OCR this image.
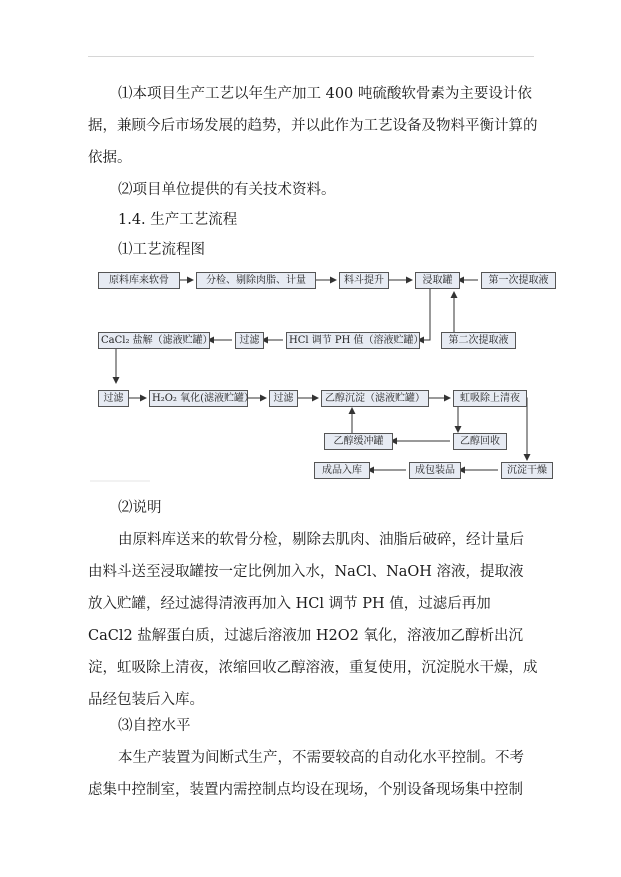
⑴本项目生产工艺以年生产加工 400 吨硫酸软骨素为主要设计依据，兼顾今后市场发展的趋势，并以此作为工艺设备及物料平衡计算的依据。

⑵项目单位提供的有关技术资料。

1.4. 生产工艺流程

⑴工艺流程图

原料库来软骨	分检、剔除肉脂、计量	料斗提升	浸取罐	第一次提取液
CaCl₂ 盐解（滤液贮罐）	过滤	HCl 调节 PH 值（溶液贮罐）	第二次提取液
过滤	H₂O₂ 氧化(滤液贮罐）	过滤	乙醇沉淀（滤液贮罐）	虹吸除上清夜
乙醇缓冲罐	乙醇回收
成品入库	成包装品	沉淀干燥

⑵说明

由原料库送来的软骨分检，剔除去肌肉、油脂后破碎，经计量后由料斗送至浸取罐按一定比例加入水，NaCl、NaOH 溶液，提取液放入贮罐，经过滤得清液再加入 HCl 调节 PH 值，过滤后再加 CaCl2 盐解蛋白质，过滤后溶液加 H2O2 氧化，溶液加乙醇析出沉淀，虹吸除上清夜，浓缩回收乙醇溶液，重复使用，沉淀脱水干燥，成品经包装后入库。

⑶自控水平

本生产装置为间断式生产，不需要较高的自动化水平控制。不考虑集中控制室，装置内需控制点均设在现场，个别设备现场集中控制
